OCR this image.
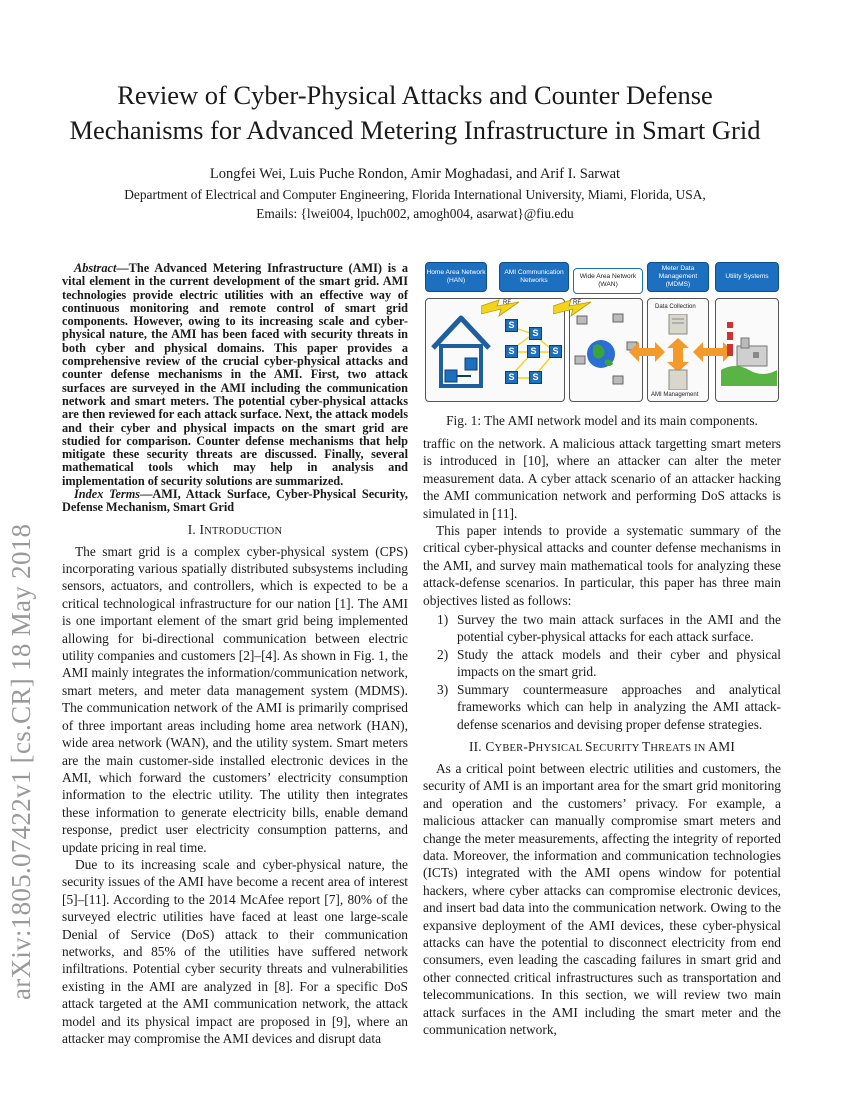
Review of Cyber-Physical Attacks and Counter Defense
Mechanisms for Advanced Metering Infrastructure in Smart Grid
Longfei Wei, Luis Puche Rondon, Amir Moghadasi, and Arif I. Sarwat
Department of Electrical and Computer Engineering, Florida International University, Miami, Florida, USA,
Emails: {lwei004, lpuch002, amogh004, asarwat}@fiu.edu
arXiv:1805.07422v1 [cs.CR] 18 May 2018

Abstract—The Advanced Metering Infrastructure (AMI) is a vital element in the current development of the smart grid. AMI technologies provide electric utilities with an effective way of continuous monitoring and remote control of smart grid components. However, owing to its increasing scale and cyber-physical nature, the AMI has been faced with security threats in both cyber and physical domains. This paper provides a comprehensive review of the crucial cyber-physical attacks and counter defense mechanisms in the AMI. First, two attack surfaces are surveyed in the AMI including the communication network and smart meters. The potential cyber-physical attacks are then reviewed for each attack surface. Next, the attack models and their cyber and physical impacts on the smart grid are studied for comparison. Counter defense mechanisms that help mitigate these security threats are discussed. Finally, several mathematical tools which may help in analysis and implementation of security solutions are summarized.

Index Terms—AMI, Attack Surface, Cyber-Physical Security, Defense Mechanism, Smart Grid

I. INTRODUCTION

The smart grid is a complex cyber-physical system (CPS) incorporating various spatially distributed subsystems including sensors, actuators, and controllers, which is expected to be a critical technological infrastructure for our nation [1]. The AMI is one important element of the smart grid being implemented allowing for bi-directional communication between electric utility companies and customers [2]–[4]. As shown in Fig. 1, the AMI mainly integrates the information/communication network, smart meters, and meter data management system (MDMS). The communication network of the AMI is primarily comprised of three important areas including home area network (HAN), wide area network (WAN), and the utility system. Smart meters are the main customer-side installed electronic devices in the AMI, which forward the customers’ electricity consumption information to the electric utility. The utility then integrates these information to generate electricity bills, enable demand response, predict user electricity consumption patterns, and update pricing in real time.

Due to its increasing scale and cyber-physical nature, the security issues of the AMI have become a recent area of interest [5]–[11]. According to the 2014 McAfee report [7], 80% of the surveyed electric utilities have faced at least one large-scale Denial of Service (DoS) attack to their communication networks, and 85% of the utilities have suffered network infiltrations. Potential cyber security threats and vulnerabilities existing in the AMI are analyzed in [8]. For a specific DoS attack targeted at the AMI communication network, the attack model and its physical impact are proposed in [9], where an attacker may compromise the AMI devices and disrupt data

Home Area Network (HAN)
AMI Communication Networks
Wide Area Network (WAN)
Meter Data Management (MDMS)
Utility Systems
RF	RF
S
S
S	S	S
S	S
Data Collection
AMI Management
Fig. 1: The AMI network model and its main components.

traffic on the network. A malicious attack targetting smart meters is introduced in [10], where an attacker can alter the meter measurement data. A cyber attack scenario of an attacker hacking the AMI communication network and performing DoS attacks is simulated in [11].

This paper intends to provide a systematic summary of the critical cyber-physical attacks and counter defense mechanisms in the AMI, and survey main mathematical tools for analyzing these attack-defense scenarios. In particular, this paper has three main objectives listed as follows:

1) Survey the two main attack surfaces in the AMI and the potential cyber-physical attacks for each attack surface.
2) Study the attack models and their cyber and physical impacts on the smart grid.
3) Summary countermeasure approaches and analytical frameworks which can help in analyzing the AMI attack-defense scenarios and devising proper defense strategies.
II. CYBER-PHYSICAL SECURITY THREATS IN AMI

As a critical point between electric utilities and customers, the security of AMI is an important area for the smart grid monitoring and operation and the customers’ privacy. For example, a malicious attacker can manually compromise smart meters and change the meter measurements, affecting the integrity of reported data. Moreover, the information and communication technologies (ICTs) integrated with the AMI opens window for potential hackers, where cyber attacks can compromise electronic devices, and insert bad data into the communication network. Owing to the expansive deployment of the AMI devices, these cyber-physical attacks can have the potential to disconnect electricity from end consumers, even leading the cascading failures in smart grid and other connected critical infrastructures such as transportation and telecommunications. In this section, we will review two main attack surfaces in the AMI including the smart meter and the communication network,
